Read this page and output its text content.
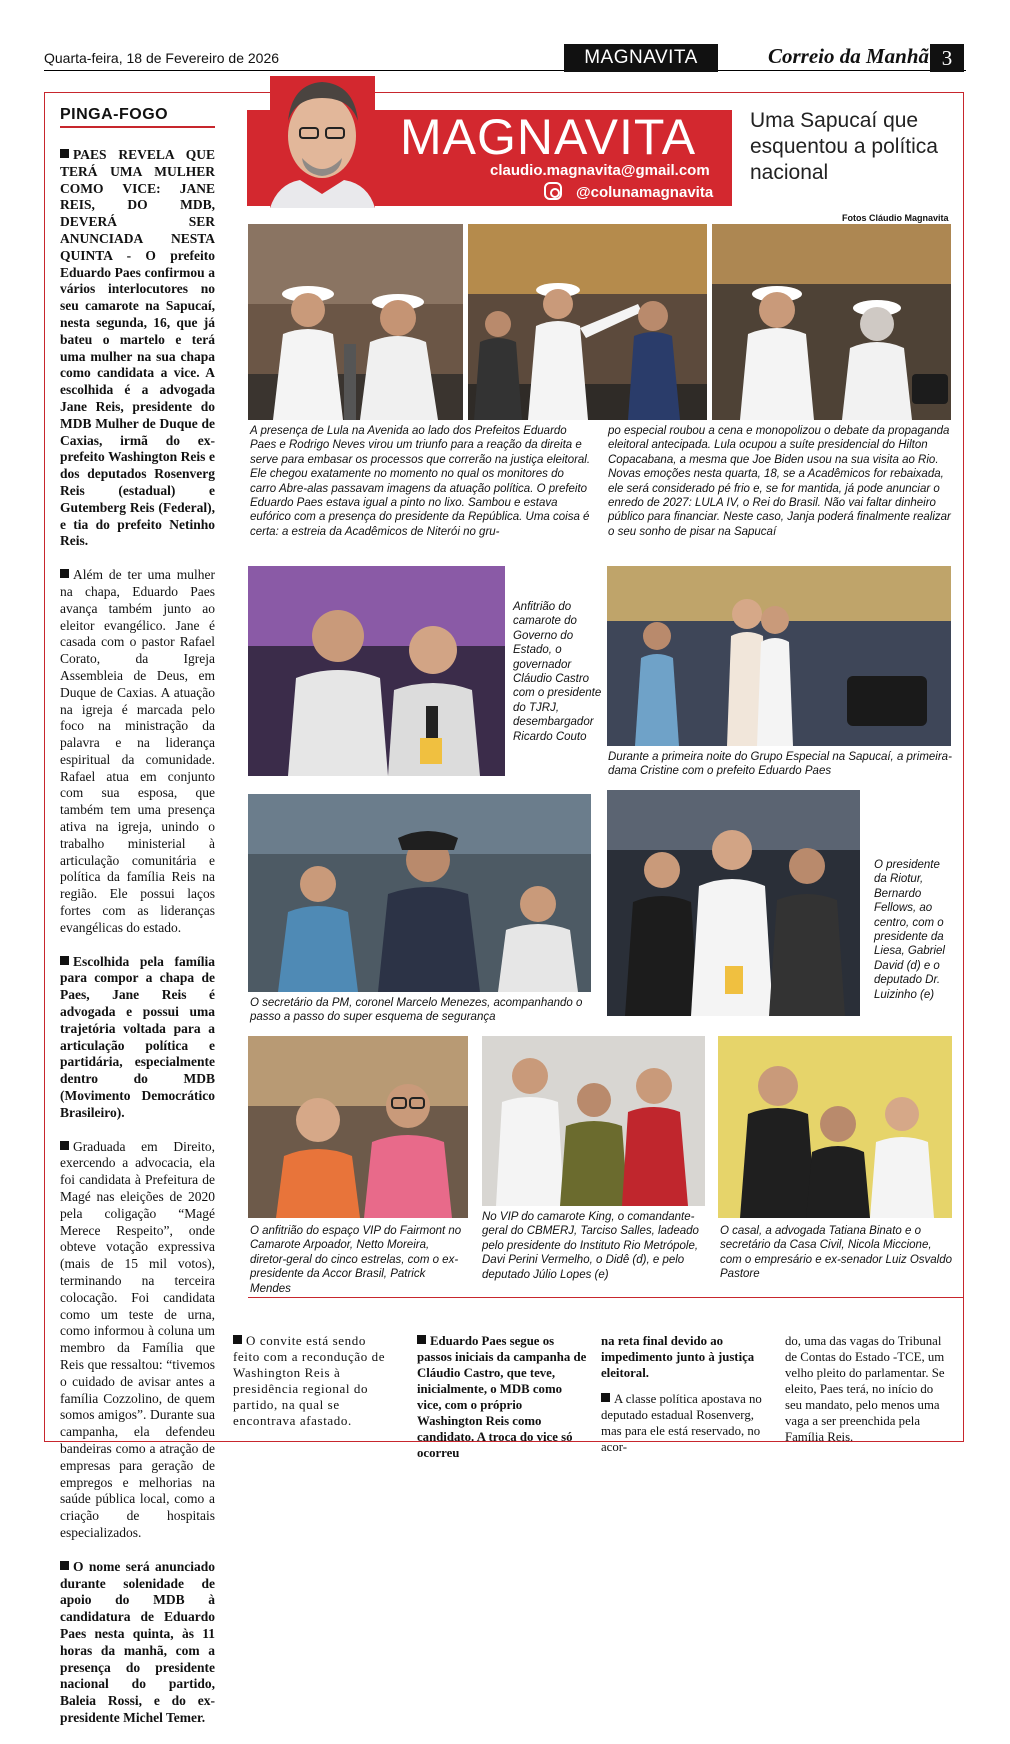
Quarta-feira, 18 de Fevereiro de 2026	MAGNAVITA	Correio da Manhã 3
PINGA-FOGO

PAES REVELA QUE TERÁ UMA MULHER COMO VICE: JANE REIS, DO MDB, DEVERÁ SER ANUNCIADA NESTA QUINTA - O prefeito Eduardo Paes confirmou a vários interlocutores no seu camarote na Sapucaí, nesta segunda, 16, que já bateu o martelo e terá uma mulher na sua chapa como candidata a vice. A escolhida é a advogada Jane Reis, presidente do MDB Mulher de Duque de Caxias, irmã do ex-prefeito Washington Reis e dos deputados Rosenverg Reis (estadual) e Gutemberg Reis (Federal), e tia do prefeito Netinho Reis.

Além de ter uma mulher na chapa, Eduardo Paes avança também junto ao eleitor evangélico. Jane é casada com o pastor Rafael Corato, da Igreja Assembleia de Deus, em Duque de Caxias. A atuação na igreja é marcada pelo foco na ministração da palavra e na liderança espiritual da comunidade. Rafael atua em conjunto com sua esposa, que também tem uma presença ativa na igreja, unindo o trabalho ministerial à articulação comunitária e política da família Reis na região. Ele possui laços fortes com as lideranças evangélicas do estado.

Escolhida pela família para compor a chapa de Paes, Jane Reis é advogada e possui uma trajetória voltada para a articulação política e partidária, especialmente dentro do MDB (Movimento Democrático Brasileiro).

Graduada em Direito, exercendo a advocacia, ela foi candidata à Prefeitura de Magé nas eleições de 2020 pela coligação “Magé Merece Respeito”, onde obteve votação expressiva (mais de 15 mil votos), terminando na terceira colocação. Foi candidata como um teste de urna, como informou à coluna um membro da Família que Reis que ressaltou: “tivemos o cuidado de avisar antes a família Cozzolino, de quem somos amigos”. Durante sua campanha, ela defendeu bandeiras como a atração de empresas para geração de empregos e melhorias na saúde pública local, como a criação de hospitais especializados.

O nome será anunciado durante solenidade de apoio do MDB à candidatura de Eduardo Paes nesta quinta, às 11 horas da manhã, com a presença do presidente nacional do partido, Baleia Rossi, e do ex-presidente Michel Temer.

MAGNAVITA
claudio.magnavita@gmail.com
@colunamagnavita
Uma Sapucaí que esquentou a política nacional
Fotos Cláudio Magnavita
A presença de Lula na Avenida ao lado dos Prefeitos Eduardo Paes e Rodrigo Neves virou um triunfo para a reação da direita e serve para embasar os processos que correrão na justiça eleitoral. Ele chegou exatamente no momento no qual os monitores do carro Abre-alas passavam imagens da atuação política. O prefeito Eduardo Paes estava igual a pinto no lixo. Sambou e estava eufórico com a presença do presidente da República. Uma coisa é certa: a estreia da Acadêmicos de Niterói no gru-
po especial roubou a cena e monopolizou o debate da propaganda eleitoral antecipada. Lula ocupou a suíte presidencial do Hilton Copacabana, a mesma que Joe Biden usou na sua visita ao Rio. Novas emoções nesta quarta, 18, se a Acadêmicos for rebaixada, ele será considerado pé frio e, se for mantida, já pode anunciar o enredo de 2027: LULA IV, o Rei do Brasil. Não vai faltar dinheiro público para financiar. Neste caso, Janja poderá finalmente realizar o seu sonho de pisar na Sapucaí
Anfitrião do camarote do Governo do Estado, o governador Cláudio Castro com o presidente do TJRJ, desembargador Ricardo Couto
Durante a primeira noite do Grupo Especial na Sapucaí, a primeira-dama Cristine com o prefeito Eduardo Paes
O secretário da PM, coronel Marcelo Menezes, acompanhando o passo a passo do super esquema de segurança
O presidente da Riotur, Bernardo Fellows, ao centro, com o presidente da Liesa, Gabriel David (d) e o deputado Dr. Luizinho (e)
O anfitrião do espaço VIP do Fairmont no Camarote Arpoador, Netto Moreira, diretor-geral do cinco estrelas, com o ex-presidente da Accor Brasil, Patrick Mendes
No VIP do camarote King, o comandante-geral do CBMERJ, Tarciso Salles, ladeado pelo presidente do Instituto Rio Metrópole, Davi Perini Vermelho, o Didê (d), e pelo deputado Júlio Lopes (e)
O casal, a advogada Tatiana Binato e o secretário da Casa Civil, Nicola Miccione, com o empresário e ex-senador Luiz Osvaldo Pastore

O convite está sendo feito com a recondução de Washington Reis à presidência regional do partido, na qual se encontrava afastado.

Eduardo Paes segue os passos iniciais da campanha de Cláudio Castro, que teve, inicialmente, o MDB como vice, com o próprio Washington Reis como candidato. A troca do vice só ocorreu

na reta final devido ao impedimento junto à justiça eleitoral.

A classe política apostava no deputado estadual Rosenverg, mas para ele está reservado, no acor-

do, uma das vagas do Tribunal de Contas do Estado -TCE, um velho pleito do parlamentar. Se eleito, Paes terá, no início do seu mandato, pelo menos uma vaga a ser preenchida pela Família Reis.
